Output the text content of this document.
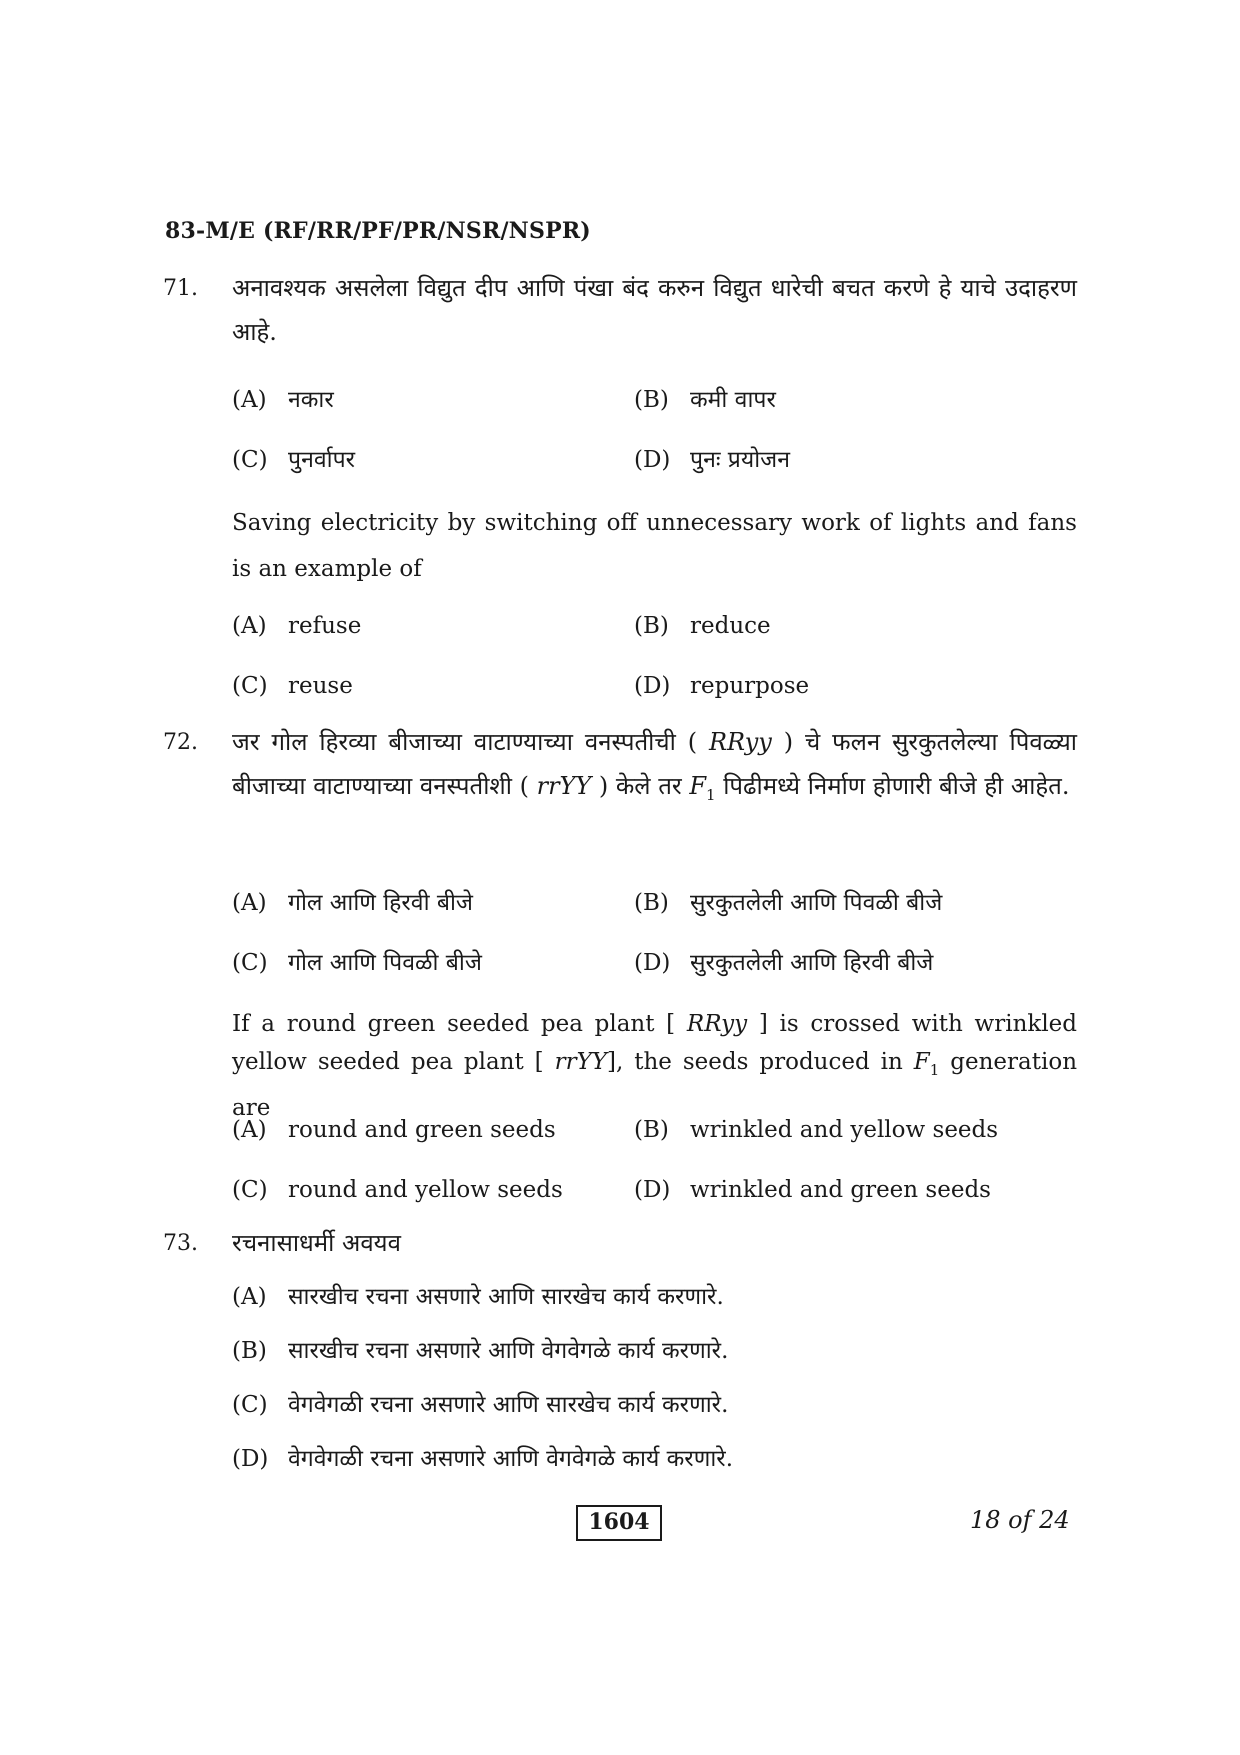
83-M/E (RF/RR/PF/PR/NSR/NSPR)
71. अनावश्यक असलेला विद्युत दीप आणि पंखा बंद करुन विद्युत धारेची बचत करणे हे याचे उदाहरण आहे.
(A) नकार	(B) कमी वापर
(C) पुनर्वापर	(D) पुनः प्रयोजन
Saving electricity by switching off unnecessary work of lights and fans is an example of
(A) refuse	(B) reduce
(C) reuse	(D) repurpose
72. जर गोल हिरव्या बीजाच्या वाटाण्याच्या वनस्पतीची ( RRyy ) चे फलन सुरकुतलेल्या पिवळ्या बीजाच्या वाटाण्याच्या वनस्पतीशी ( rrYY ) केले तर $F_1$ पिढीमध्ये निर्माण होणारी बीजे ही आहेत.
(A) गोल आणि हिरवी बीजे	(B) सुरकुतलेली आणि पिवळी बीजे
(C) गोल आणि पिवळी बीजे	(D) सुरकुतलेली आणि हिरवी बीजे
If a round green seeded pea plant [ RRyy ] is crossed with wrinkled yellow seeded pea plant [ rrYY], the seeds produced in $F_1$ generation are
(A) round and green seeds	(B) wrinkled and yellow seeds
(C) round and yellow seeds	(D) wrinkled and green seeds
73. रचनासाधर्मी अवयव
(A) सारखीच रचना असणारे आणि सारखेच कार्य करणारे.
(B) सारखीच रचना असणारे आणि वेगवेगळे कार्य करणारे.
(C) वेगवेगळी रचना असणारे आणि सारखेच कार्य करणारे.
(D) वेगवेगळी रचना असणारे आणि वेगवेगळे कार्य करणारे.
1604	18 of 24
